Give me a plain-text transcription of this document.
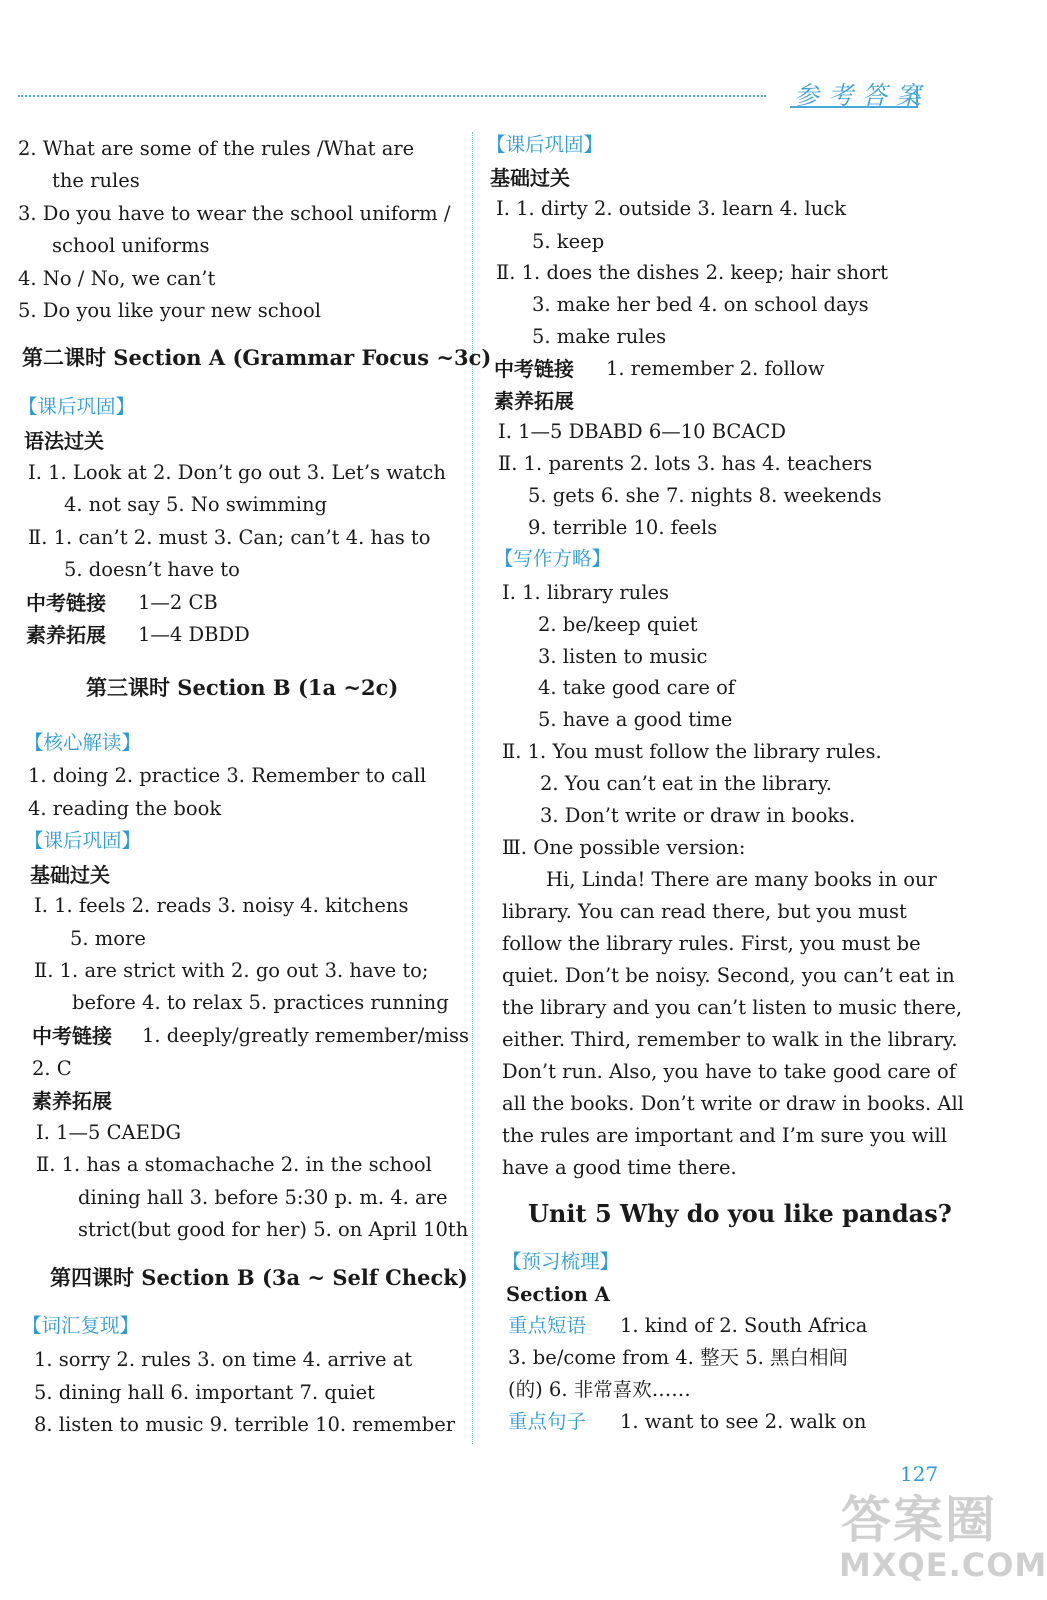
参考答案
2. What are some of the rules /What are
the rules
3. Do you have to wear the school uniform /
school uniforms
4. No / No, we can’t
5. Do you like your new school
第二课时 Section A (Grammar Focus ~3c)
【课后巩固】
语法过关
Ⅰ. 1. Look at 2. Don’t go out 3. Let’s watch
4. not say 5. No swimming
Ⅱ. 1. can’t 2. must 3. Can; can’t 4. has to
5. doesn’t have to
中考链接 1—2 CB
素养拓展 1—4 DBDD
第三课时 Section B (1a ~2c)
【核心解读】
1. doing 2. practice 3. Remember to call
4. reading the book
【课后巩固】
基础过关
Ⅰ. 1. feels 2. reads 3. noisy 4. kitchens
5. more
Ⅱ. 1. are strict with 2. go out 3. have to;
before 4. to relax 5. practices running
中考链接 1. deeply/greatly remember/miss
2. C
素养拓展
Ⅰ. 1—5 CAEDG
Ⅱ. 1. has a stomachache 2. in the school
dining hall 3. before 5:30 p. m. 4. are
strict(but good for her) 5. on April 10th
第四课时 Section B (3a ~ Self Check)
【词汇复现】
1. sorry 2. rules 3. on time 4. arrive at
5. dining hall 6. important 7. quiet
8. listen to music 9. terrible 10. remember
【课后巩固】
基础过关
Ⅰ. 1. dirty 2. outside 3. learn 4. luck
5. keep
Ⅱ. 1. does the dishes 2. keep; hair short
3. make her bed 4. on school days
5. make rules
中考链接 1. remember 2. follow
素养拓展
Ⅰ. 1—5 DBABD 6—10 BCACD
Ⅱ. 1. parents 2. lots 3. has 4. teachers
5. gets 6. she 7. nights 8. weekends
9. terrible 10. feels
【写作方略】
Ⅰ. 1. library rules
2. be/keep quiet
3. listen to music
4. take good care of
5. have a good time
Ⅱ. 1. You must follow the library rules.
2. You can’t eat in the library.
3. Don’t write or draw in books.
Ⅲ. One possible version:
Hi, Linda! There are many books in our
library. You can read there, but you must
follow the library rules. First, you must be
quiet. Don’t be noisy. Second, you can’t eat in
the library and you can’t listen to music there,
either. Third, remember to walk in the library.
Don’t run. Also, you have to take good care of
all the books. Don’t write or draw in books. All
the rules are important and I’m sure you will
have a good time there.
Unit 5 Why do you like pandas?
【预习梳理】
Section A
重点短语 1. kind of 2. South Africa
3. be/come from 4. 整天 5. 黑白相间
(的) 6. 非常喜欢……
重点句子 1. want to see 2. walk on
127
答案圈
MXQE.COM
